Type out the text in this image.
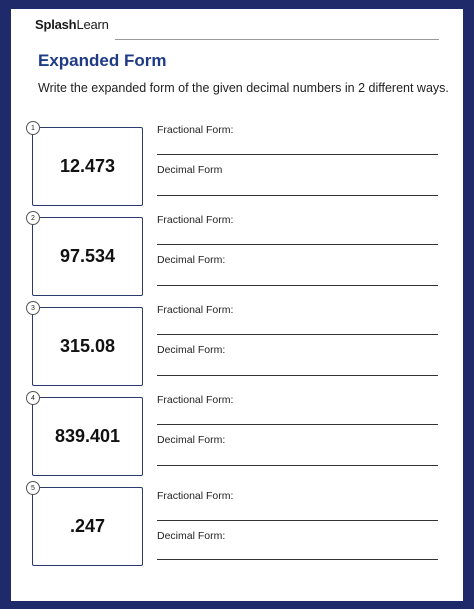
SplashLearn
Expanded Form
Write the expanded form of the given decimal numbers in 2 different ways.
1
12.473
Fractional Form:
Decimal Form
2
97.534
Fractional Form:
Decimal Form:
3
315.08
Fractional Form:
Decimal Form:
4
839.401
Fractional Form:
Decimal Form:
5
.247
Fractional Form:
Decimal Form:
